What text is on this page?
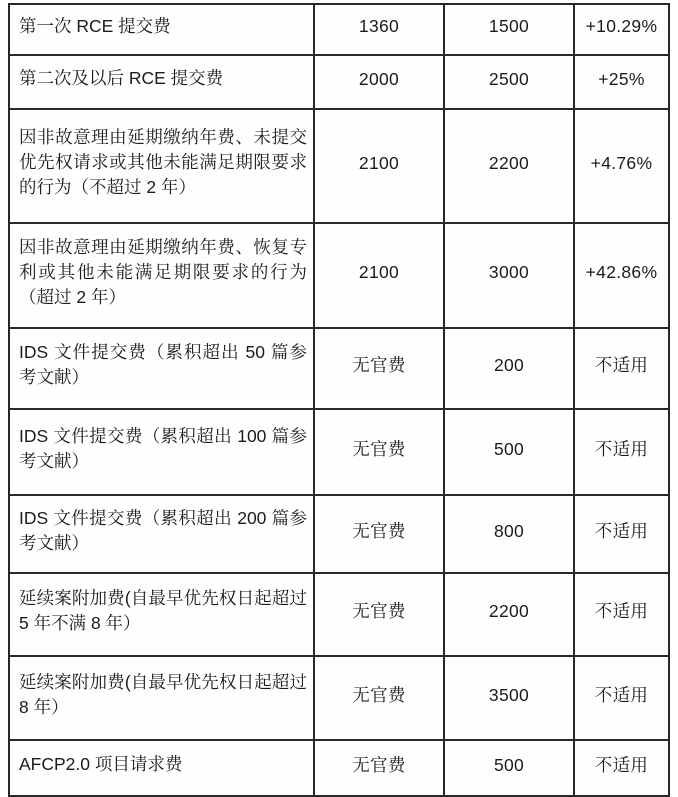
第一次 RCE 提交费	1360	1500	+10.29%
第二次及以后 RCE 提交费	2000	2500	+25%
因非故意理由延期缴纳年费、未提交优先权请求或其他未能满足期限要求的行为（不超过 2 年）	2100	2200	+4.76%
因非故意理由延期缴纳年费、恢复专利或其他未能满足期限要求的行为（超过 2 年）	2100	3000	+42.86%
IDS 文件提交费（累积超出 50 篇参考文献）	无官费	200	不适用
IDS 文件提交费（累积超出 100 篇参考文献）	无官费	500	不适用
IDS 文件提交费（累积超出 200 篇参考文献）	无官费	800	不适用
延续案附加费(自最早优先权日起超过 5 年不满 8 年）	无官费	2200	不适用
延续案附加费(自最早优先权日起超过 8 年）	无官费	3500	不适用
AFCP2.0 项目请求费	无官费	500	不适用
